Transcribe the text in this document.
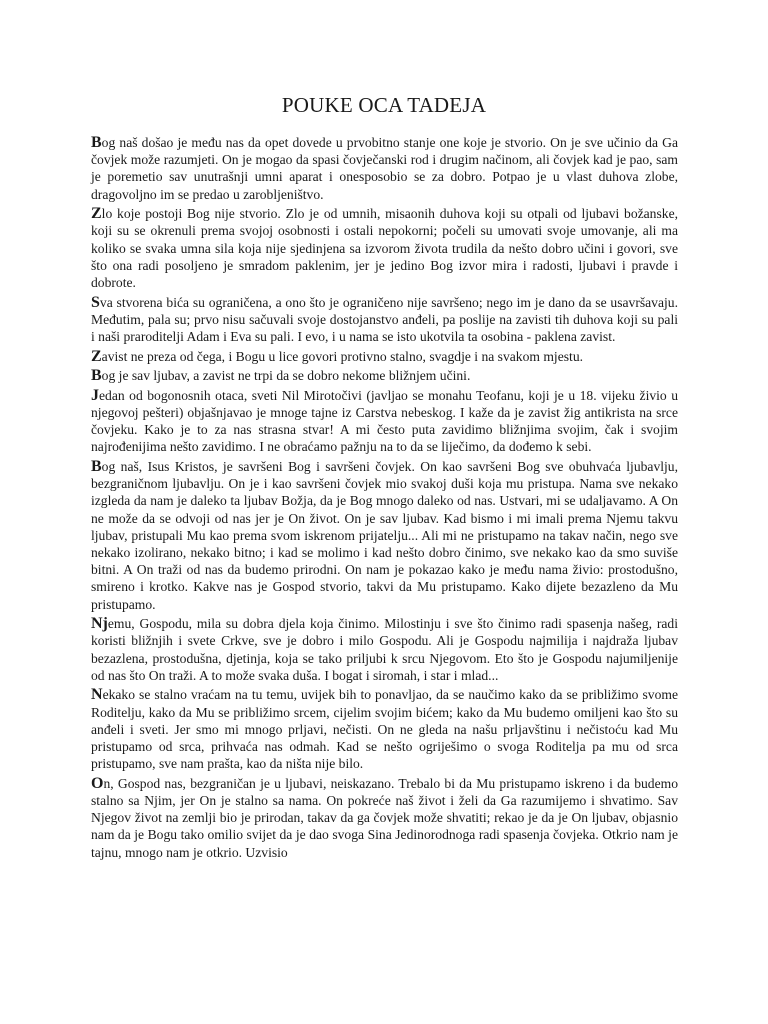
POUKE OCA TADEJA

Bog naš došao je među nas da opet dovede u prvobitno stanje one koje je stvorio. On je sve učinio da Ga čovjek može razumjeti. On je mogao da spasi čovječanski rod i drugim načinom, ali čovjek kad je pao, sam je poremetio sav unutrašnji umni aparat i onesposobio se za dobro. Potpao je u vlast duhova zlobe, dragovoljno im se predao u zarobljeništvo.

Zlo koje postoji Bog nije stvorio. Zlo je od umnih, misaonih duhova koji su otpali od ljubavi božanske, koji su se okrenuli prema svojoj osobnosti i ostali nepokorni; počeli su umovati svoje umovanje, ali ma koliko se svaka umna sila koja nije sjedinjena sa izvorom života trudila da nešto dobro učini i govori, sve što ona radi posoljeno je smradom paklenim, jer je jedino Bog izvor mira i radosti, ljubavi i pravde i dobrote.

Sva stvorena bića su ograničena, a ono što je ograničeno nije savršeno; nego im je dano da se usavršavaju. Međutim, pala su; prvo nisu sačuvali svoje dostojanstvo anđeli, pa poslije na zavisti tih duhova koji su pali i naši praroditelji Adam i Eva su pali. I evo, i u nama se isto ukotvila ta osobina - paklena zavist.

Zavist ne preza od čega, i Bogu u lice govori protivno stalno, svagdje i na svakom mjestu.

Bog je sav ljubav, a zavist ne trpi da se dobro nekome bližnjem učini.

Jedan od bogonosnih otaca, sveti Nil Mirotočivi (javljao se monahu Teofanu, koji je u 18. vijeku živio u njegovoj pešteri) objašnjavao je mnoge tajne iz Carstva nebeskog. I kaže da je zavist žig antikrista na srce čovjeku. Kako je to za nas strasna stvar! A mi često puta zavidimo bližnjima svojim, čak i svojim najrođenijima nešto zavidimo. I ne obraćamo pažnju na to da se liječimo, da dođemo k sebi.

Bog naš, Isus Kristos, je savršeni Bog i savršeni čovjek. On kao savršeni Bog sve obuhvaća ljubavlju, bezgraničnom ljubavlju. On je i kao savršeni čovjek mio svakoj duši koja mu pristupa. Nama sve nekako izgleda da nam je daleko ta ljubav Božja, da je Bog mnogo daleko od nas. Ustvari, mi se udaljavamo. A On ne može da se odvoji od nas jer je On život. On je sav ljubav. Kad bismo i mi imali prema Njemu takvu ljubav, pristupali Mu kao prema svom iskrenom prijatelju... Ali mi ne pristupamo na takav način, nego sve nekako izolirano, nekako bitno; i kad se molimo i kad nešto dobro činimo, sve nekako kao da smo suviše bitni. A On traži od nas da budemo prirodni. On nam je pokazao kako je među nama živio: prostodušno, smireno i krotko. Kakve nas je Gospod stvorio, takvi da Mu pristupamo. Kako dijete bezazleno da Mu pristupamo.

Njemu, Gospodu, mila su dobra djela koja činimo. Milostinju i sve što činimo radi spasenja našeg, radi koristi bližnjih i svete Crkve, sve je dobro i milo Gospodu. Ali je Gospodu najmilija i najdraža ljubav bezazlena, prostodušna, djetinja, koja se tako priljubi k srcu Njegovom. Eto što je Gospodu najumiljenije od nas što On traži. A to može svaka duša. I bogat i siromah, i star i mlad...

Nekako se stalno vraćam na tu temu, uvijek bih to ponavljao, da se naučimo kako da se približimo svome Roditelju, kako da Mu se približimo srcem, cijelim svojim bićem; kako da Mu budemo omiljeni kao što su anđeli i sveti. Jer smo mi mnogo prljavi, nečisti. On ne gleda na našu prljavštinu i nečistoću kad Mu pristupamo od srca, prihvaća nas odmah. Kad se nešto ogriješimo o svoga Roditelja pa mu od srca pristupamo, sve nam prašta, kao da ništa nije bilo.

On, Gospod nas, bezgraničan je u ljubavi, neiskazano. Trebalo bi da Mu pristupamo iskreno i da budemo stalno sa Njim, jer On je stalno sa nama. On pokreće naš život i želi da Ga razumijemo i shvatimo. Sav Njegov život na zemlji bio je prirodan, takav da ga čovjek može shvatiti; rekao je da je On ljubav, objasnio nam da je Bogu tako omilio svijet da je dao svoga Sina Jedinorodnoga radi spasenja čovjeka. Otkrio nam je tajnu, mnogo nam je otkrio. Uzvisio
